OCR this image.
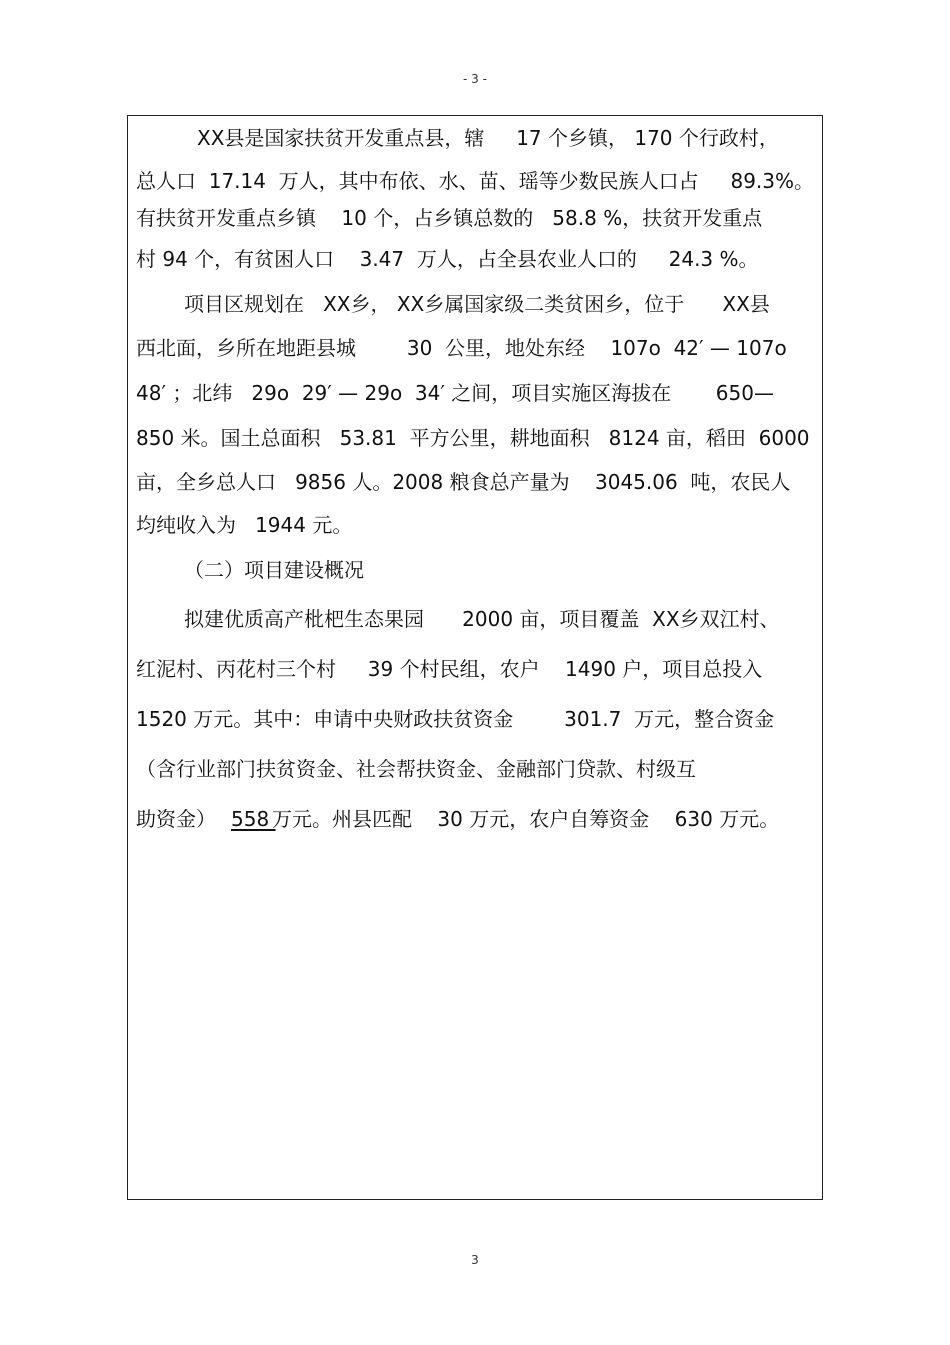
- 3 -
XX县是国家扶贫开发重点县，辖     17 个乡镇， 170 个行政村，
总人口  17.14  万人，其中布依、水、苗、瑶等少数民族人口占     89.3%。
有扶贫开发重点乡镇    10 个，占乡镇总数的   58.8 %，扶贫开发重点
村 94 个，有贫困人口    3.47  万人，占全县农业人口的     24.3 %。
项目区规划在   XX乡， XX乡属国家级二类贫困乡，位于      XX县
西北面，乡所在地距县城        30  公里，地处东经    107o  42′ — 107o
48′ ；北纬   29o  29′ — 29o  34′ 之间，项目实施区海拔在       650—
850 米。国土总面积   53.81  平方公里，耕地面积   8124 亩，稻田  6000
亩，全乡总人口   9856 人。2008 粮食总产量为    3045.06  吨，农民人
均纯收入为   1944 元。
（二）项目建设概况
拟建优质高产枇杷生态果园      2000 亩，项目覆盖  XX乡双江村、
红泥村、丙花村三个村     39 个村民组，农户    1490 户，项目总投入
1520 万元。其中：申请中央财政扶贫资金        301.7  万元，整合资金
（含行业部门扶贫资金、社会帮扶资金、金融部门贷款、村级互
助资金） 558
万元。州县匹配    30 万元，农户自筹资金    630 万元。
3
